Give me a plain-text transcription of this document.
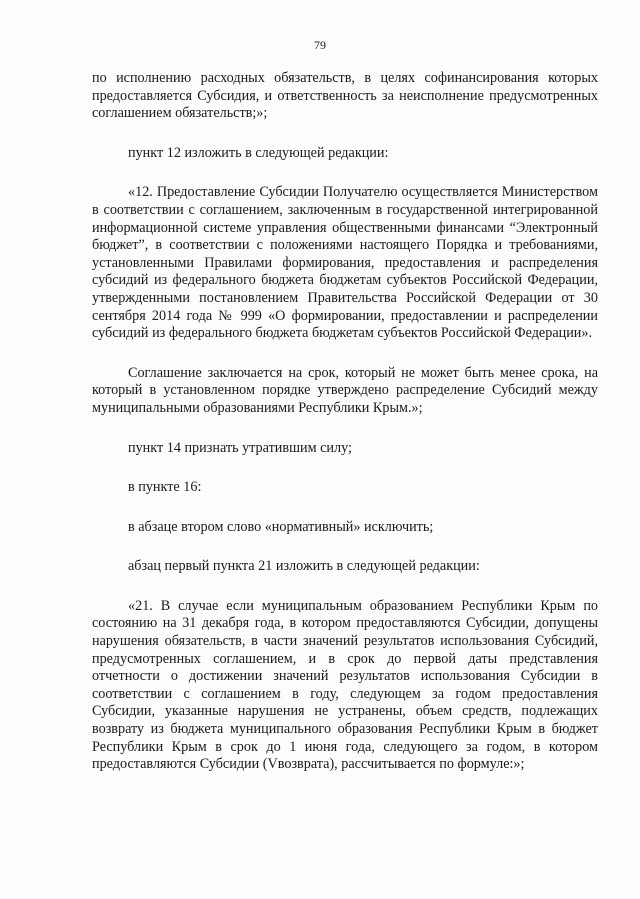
79

по исполнению расходных обязательств, в целях софинансирования которых предоставляется Субсидия, и ответственность за неисполнение предусмотренных соглашением обязательств;»;

пункт 12 изложить в следующей редакции:

«12. Предоставление Субсидии Получателю осуществляется Министерством в соответствии с соглашением, заключенным в государственной интегрированной информационной системе управления общественными финансами “Электронный бюджет”, в соответствии с положениями настоящего Порядка и требованиями, установленными Правилами формирования, предоставления и распределения субсидий из федерального бюджета бюджетам субъектов Российской Федерации, утвержденными постановлением Правительства Российской Федерации от 30 сентября 2014 года № 999 «О формировании, предоставлении и распределении субсидий из федерального бюджета бюджетам субъектов Российской Федерации».

Соглашение заключается на срок, который не может быть менее срока, на который в установленном порядке утверждено распределение Субсидий между муниципальными образованиями Республики Крым.»;

пункт 14 признать утратившим силу;

в пункте 16:

в абзаце втором слово «нормативный» исключить;

абзац первый пункта 21 изложить в следующей редакции:

«21. В случае если муниципальным образованием Республики Крым по состоянию на 31 декабря года, в котором предоставляются Субсидии, допущены нарушения обязательств, в части значений результатов использования Субсидий, предусмотренных соглашением, и в срок до первой даты представления отчетности о достижении значений результатов использования Субсидии в соответствии с соглашением в году, следующем за годом предоставления Субсидии, указанные нарушения не устранены, объем средств, подлежащих возврату из бюджета муниципального образования Республики Крым в бюджет Республики Крым в срок до 1 июня года, следующего за годом, в котором предоставляются Субсидии (Vвозврата), рассчитывается по формуле:»;
